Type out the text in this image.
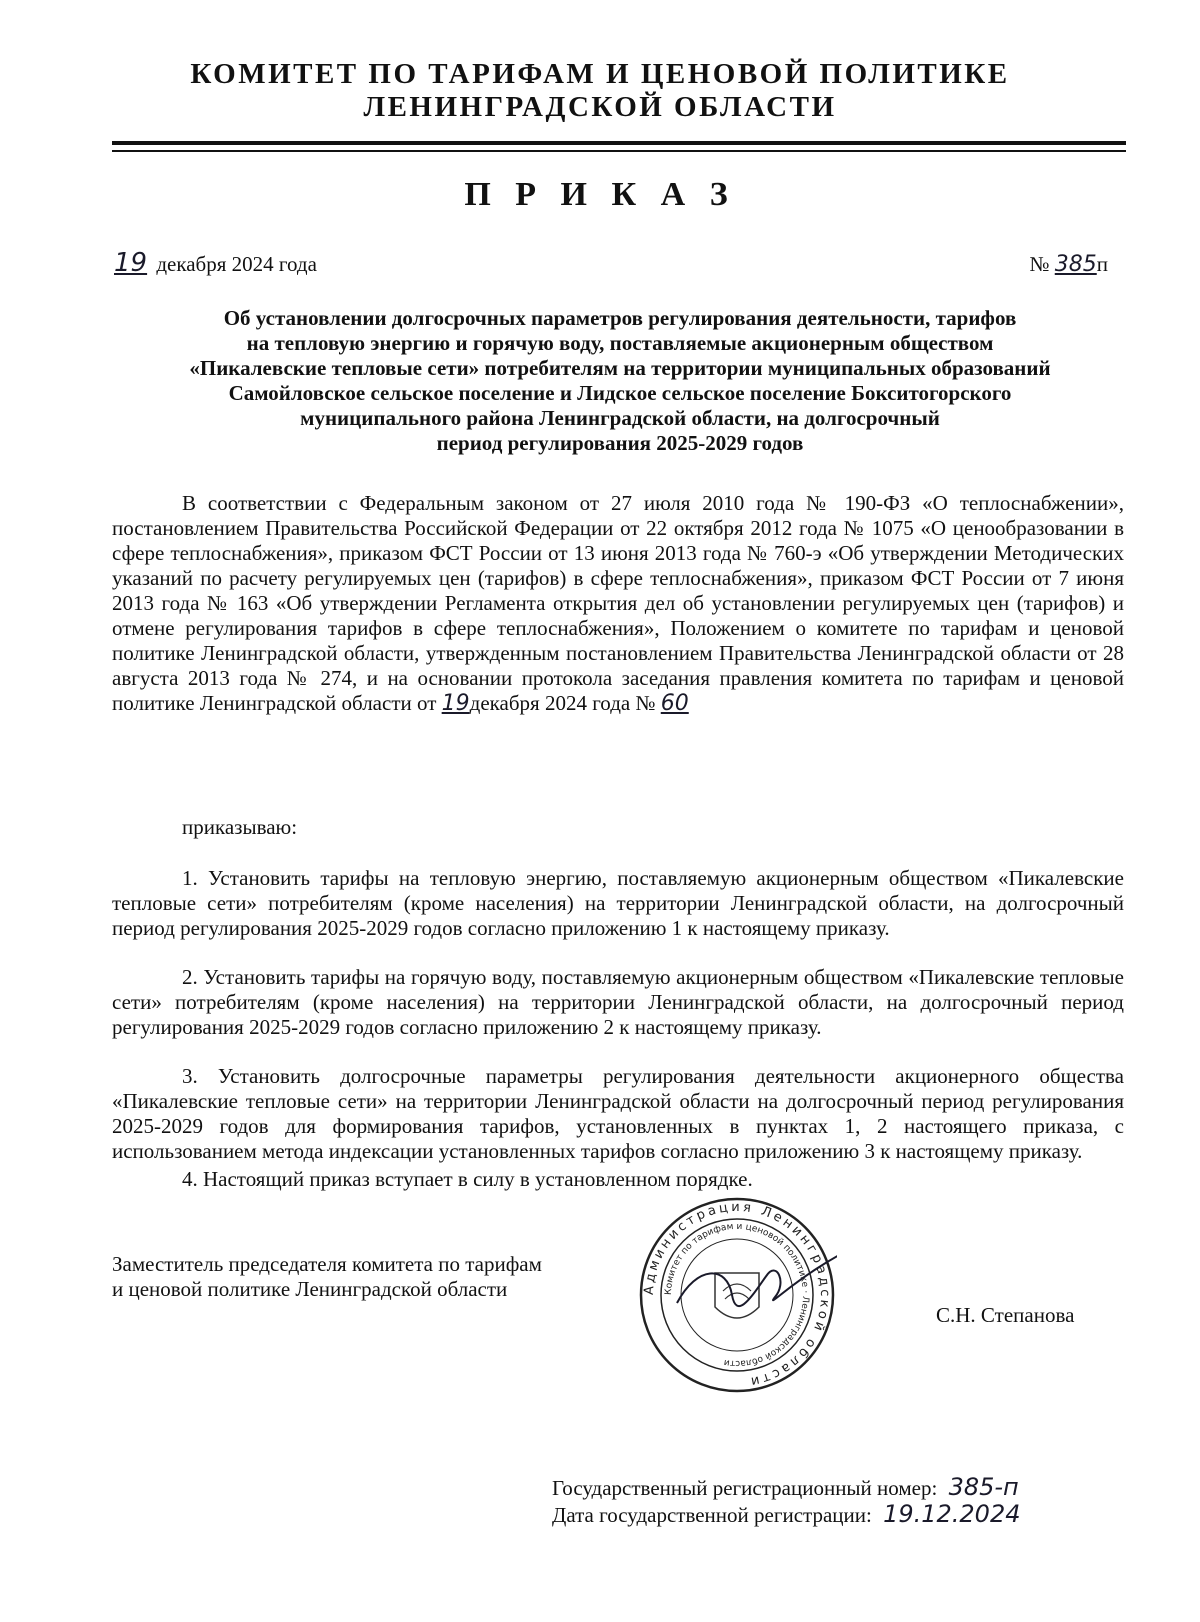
КОМИТЕТ ПО ТАРИФАМ И ЦЕНОВОЙ ПОЛИТИКЕ
ЛЕНИНГРАДСКОЙ ОБЛАСТИ
П Р И К А З
19 декабря 2024 года	№ 385п
Об установлении долгосрочных параметров регулирования деятельности, тарифов
на тепловую энергию и горячую воду, поставляемые акционерным обществом
«Пикалевские тепловые сети» потребителям на территории муниципальных образований
Самойловское сельское поселение и Лидское сельское поселение Бокситогорского
муниципального района Ленинградской области, на долгосрочный
период регулирования 2025-2029 годов
В соответствии с Федеральным законом от 27 июля 2010 года № 190-ФЗ «О теплоснабжении», постановлением Правительства Российской Федерации от 22 октября 2012 года № 1075 «О ценообразовании в сфере теплоснабжения», приказом ФСТ России от 13 июня 2013 года № 760-э «Об утверждении Методических указаний по расчету регулируемых цен (тарифов) в сфере теплоснабжения», приказом ФСТ России от 7 июня 2013 года № 163 «Об утверждении Регламента открытия дел об установлении регулируемых цен (тарифов) и отмене регулирования тарифов в сфере теплоснабжения», Положением о комитете по тарифам и ценовой политике Ленинградской области, утвержденным постановлением Правительства Ленинградской области от 28 августа 2013 года № 274, и на основании протокола заседания правления комитета по тарифам и ценовой политике Ленинградской области от 19декабря 2024 года № 60
приказываю:
1. Установить тарифы на тепловую энергию, поставляемую акционерным обществом «Пикалевские тепловые сети» потребителям (кроме населения) на территории Ленинградской области, на долгосрочный период регулирования 2025-2029 годов согласно приложению 1 к настоящему приказу.
2. Установить тарифы на горячую воду, поставляемую акционерным обществом «Пикалевские тепловые сети» потребителям (кроме населения) на территории Ленинградской области, на долгосрочный период регулирования 2025-2029 годов согласно приложению 2 к настоящему приказу.
3. Установить долгосрочные параметры регулирования деятельности акционерного общества «Пикалевские тепловые сети» на территории Ленинградской области на долгосрочный период регулирования 2025-2029 годов для формирования тарифов, установленных в пунктах 1, 2 настоящего приказа, с использованием метода индексации установленных тарифов согласно приложению 3 к настоящему приказу.
4. Настоящий приказ вступает в силу в установленном порядке.
Заместитель председателя комитета по тарифам
и ценовой политике Ленинградской области	Администрация Ленинградской области
Комитет по тарифам и ценовой политике · Ленинградской области
С.Н. Степанова
Государственный регистрационный номер: 385-п
Дата государственной регистрации: 19.12.2024
